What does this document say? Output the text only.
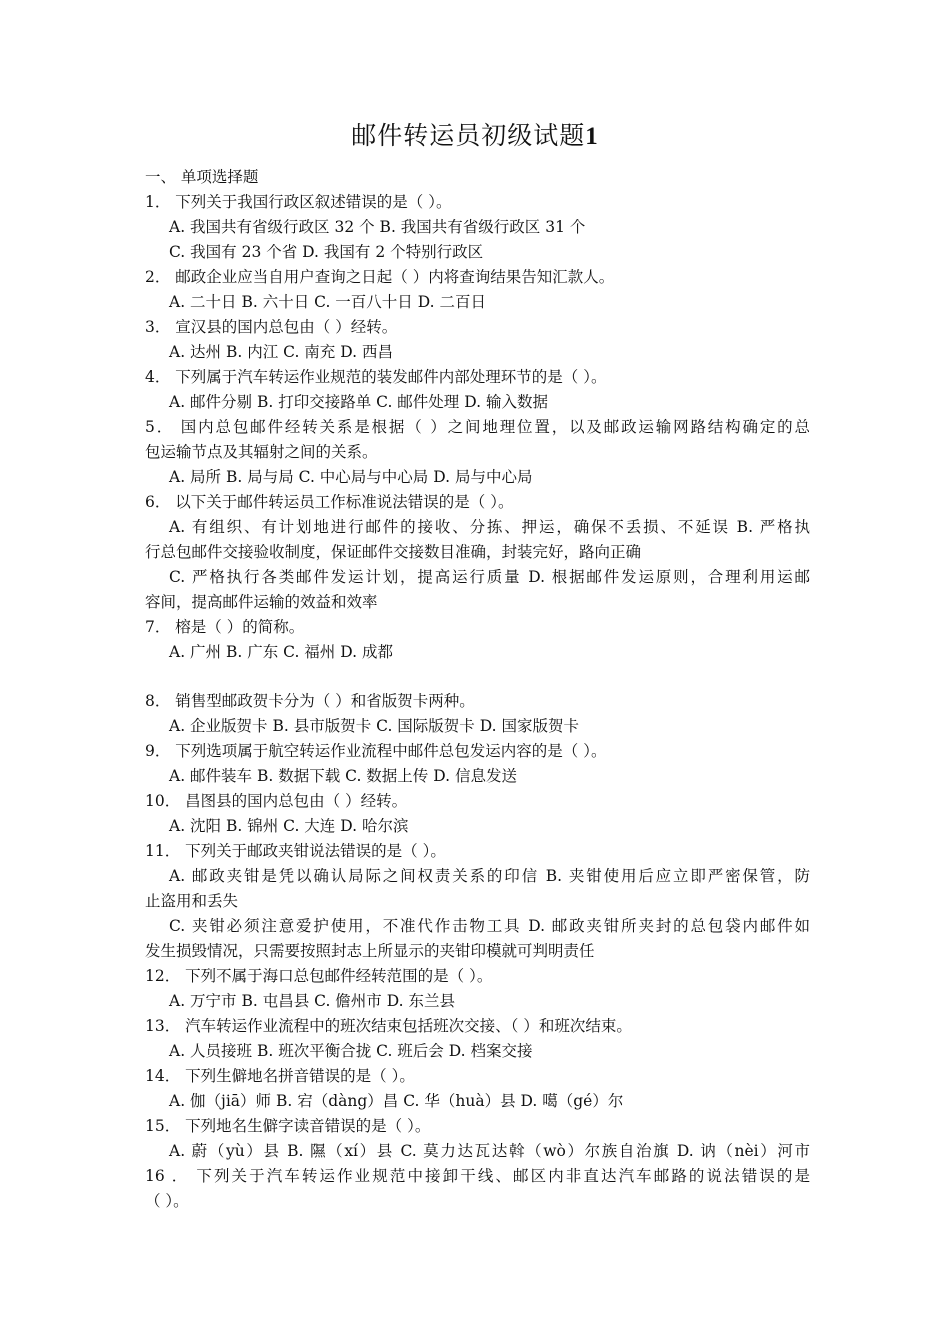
邮件转运员初级试题1
一、 单项选择题
1． 下列关于我国行政区叙述错误的是（ ）。
A. 我国共有省级行政区 32 个 B. 我国共有省级行政区 31 个
C. 我国有 23 个省 D. 我国有 2 个特别行政区
2． 邮政企业应当自用户查询之日起（ ）内将查询结果告知汇款人。
A. 二十日 B. 六十日 C. 一百八十日 D. 二百日
3． 宣汉县的国内总包由（ ）经转。
A. 达州 B. 内江 C. 南充 D. 西昌
4． 下列属于汽车转运作业规范的装发邮件内部处理环节的是（ ）。
A. 邮件分剔 B. 打印交接路单 C. 邮件处理 D. 输入数据
5． 国内总包邮件经转关系是根据（ ）之间地理位置，以及邮政运输网路结构确定的总
包运输节点及其辐射之间的关系。
A. 局所 B. 局与局 C. 中心局与中心局 D. 局与中心局
6． 以下关于邮件转运员工作标准说法错误的是（ ）。
A. 有组织、有计划地进行邮件的接收、分拣、押运，确保不丢损、不延误 B. 严格执
行总包邮件交接验收制度，保证邮件交接数目准确，封装完好，路向正确
C. 严格执行各类邮件发运计划，提高运行质量 D. 根据邮件发运原则，合理利用运邮
容间，提高邮件运输的效益和效率
7． 榕是（ ）的简称。
A. 广州 B. 广东 C. 福州 D. 成都
8． 销售型邮政贺卡分为（ ）和省版贺卡两种。
A. 企业版贺卡 B. 县市版贺卡 C. 国际版贺卡 D. 国家版贺卡
9． 下列选项属于航空转运作业流程中邮件总包发运内容的是（ ）。
A. 邮件装车 B. 数据下载 C. 数据上传 D. 信息发送
10． 昌图县的国内总包由（ ）经转。
A. 沈阳 B. 锦州 C. 大连 D. 哈尔滨
11． 下列关于邮政夹钳说法错误的是（ ）。
A. 邮政夹钳是凭以确认局际之间权责关系的印信 B. 夹钳使用后应立即严密保管，防
止盗用和丢失
C. 夹钳必须注意爱护使用，不准代作击物工具 D. 邮政夹钳所夹封的总包袋内邮件如
发生损毁情况，只需要按照封志上所显示的夹钳印模就可判明责任
12． 下列不属于海口总包邮件经转范围的是（ ）。
A. 万宁市 B. 屯昌县 C. 儋州市 D. 东兰县
13． 汽车转运作业流程中的班次结束包括班次交接、（ ）和班次结束。
A. 人员接班 B. 班次平衡合拢 C. 班后会 D. 档案交接
14． 下列生僻地名拼音错误的是（ ）。
A. 伽（jiā）师 B. 宕（dàng）昌 C. 华（huà）县 D. 噶（gé）尔
15． 下列地名生僻字读音错误的是（ ）。
A. 蔚（yù）县 B. 隰（xí）县 C. 莫力达瓦达斡（wò）尔族自治旗 D. 讷（nèi）河市
16 ． 下列关于汽车转运作业规范中接卸干线、邮区内非直达汽车邮路的说法错误的是
（ ）。
